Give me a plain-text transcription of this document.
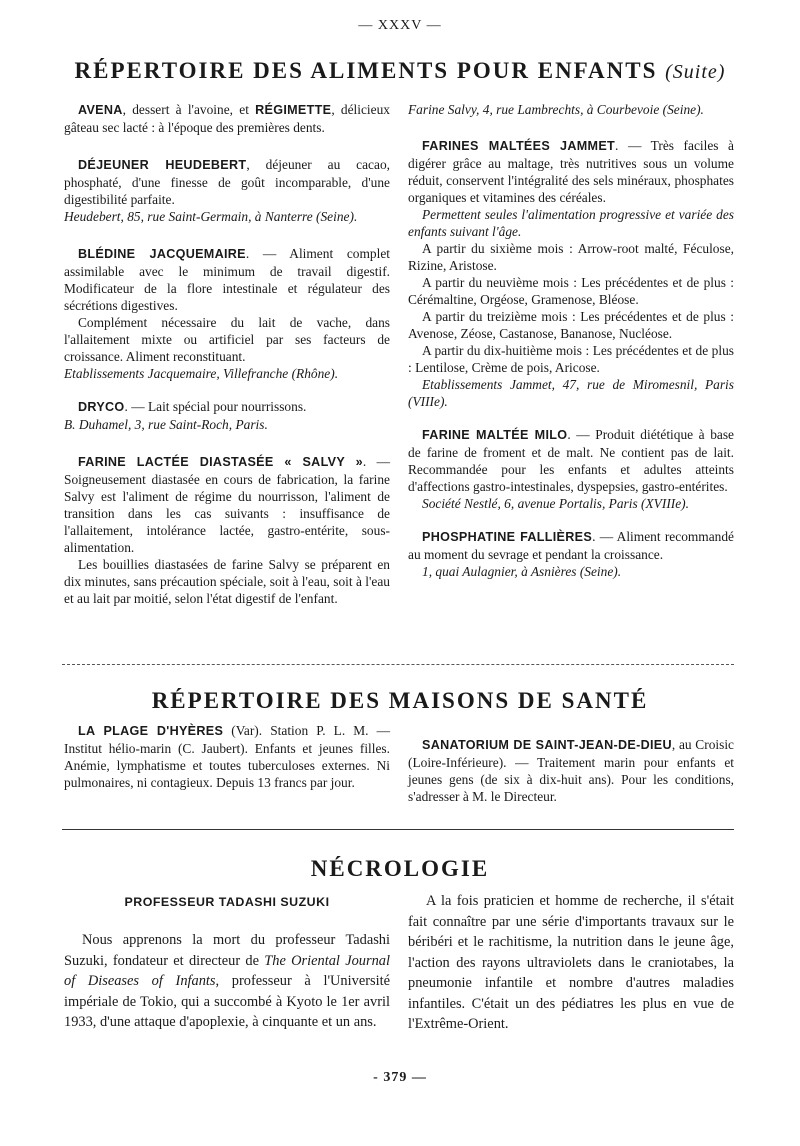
— XXXV —
RÉPERTOIRE DES ALIMENTS POUR ENFANTS (Suite)

AVENA, dessert à l'avoine, et RÉGIMETTE, délicieux gâteau sec lacté : à l'époque des premières dents.

DÉJEUNER HEUDEBERT, déjeuner au cacao, phosphaté, d'une finesse de goût incomparable, d'une digestibilité parfaite.

Heudebert, 85, rue Saint-Germain, à Nanterre (Seine).

BLÉDINE JACQUEMAIRE. — Aliment complet assimilable avec le minimum de travail digestif. Modificateur de la flore intestinale et régulateur des sécrétions digestives.

Complément nécessaire du lait de vache, dans l'allaitement mixte ou artificiel par ses facteurs de croissance. Aliment reconstituant.

Etablissements Jacquemaire, Villefranche (Rhône).

DRYCO. — Lait spécial pour nourrissons.

B. Duhamel, 3, rue Saint-Roch, Paris.

FARINE LACTÉE DIASTASÉE « SALVY ». — Soigneusement diastasée en cours de fabrication, la farine Salvy est l'aliment de régime du nourrisson, l'aliment de transition dans les cas suivants : insuffisance de l'allaitement, intolérance lactée, gastro-entérite, sous-alimentation.

Les bouillies diastasées de farine Salvy se préparent en dix minutes, sans précaution spéciale, soit à l'eau, soit à l'eau et au lait par moitié, selon l'état digestif de l'enfant.

Farine Salvy, 4, rue Lambrechts, à Courbevoie (Seine).

FARINES MALTÉES JAMMET. — Très faciles à digérer grâce au maltage, très nutritives sous un volume réduit, conservent l'intégralité des sels minéraux, phosphates organiques et vitamines des céréales.

Permettent seules l'alimentation progressive et variée des enfants suivant l'âge.

A partir du sixième mois : Arrow-root malté, Féculose, Rizine, Aristose.

A partir du neuvième mois : Les précédentes et de plus : Cérémaltine, Orgéose, Gramenose, Bléose.

A partir du treizième mois : Les précédentes et de plus : Avenose, Zéose, Castanose, Bananose, Nucléose.

A partir du dix-huitième mois : Les précédentes et de plus : Lentilose, Crème de pois, Aricose.

Etablissements Jammet, 47, rue de Miromesnil, Paris (VIIIe).

FARINE MALTÉE MILO. — Produit diététique à base de farine de froment et de malt. Ne contient pas de lait. Recommandée pour les enfants et adultes atteints d'affections gastro-intestinales, dyspepsies, gastro-entérites.

Société Nestlé, 6, avenue Portalis, Paris (XVIIIe).

PHOSPHATINE FALLIÈRES. — Aliment recommandé au moment du sevrage et pendant la croissance.

1, quai Aulagnier, à Asnières (Seine).

RÉPERTOIRE DES MAISONS DE SANTÉ

LA PLAGE D'HYÈRES (Var). Station P. L. M. — Institut hélio-marin (C. Jaubert). Enfants et jeunes filles. Anémie, lymphatisme et toutes tuberculoses externes. Ni pulmonaires, ni contagieux. Depuis 13 francs par jour.

SANATORIUM DE SAINT-JEAN-DE-DIEU, au Croisic (Loire-Inférieure). — Traitement marin pour enfants et jeunes gens (de six à dix-huit ans). Pour les conditions, s'adresser à M. le Directeur.

NÉCROLOGIE
PROFESSEUR TADASHI SUZUKI

Nous apprenons la mort du professeur Tadashi Suzuki, fondateur et directeur de The Oriental Journal of Diseases of Infants, professeur à l'Université impériale de Tokio, qui a succombé à Kyoto le 1er avril 1933, d'une attaque d'apoplexie, à cinquante et un ans.

A la fois praticien et homme de recherche, il s'était fait connaître par une série d'importants travaux sur le béribéri et le rachitisme, la nutrition dans le jeune âge, l'action des rayons ultraviolets dans le craniotabes, la pneumonie infantile et nombre d'autres maladies infantiles. C'était un des pédiatres les plus en vue de l'Extrême-Orient.

- 379 —
